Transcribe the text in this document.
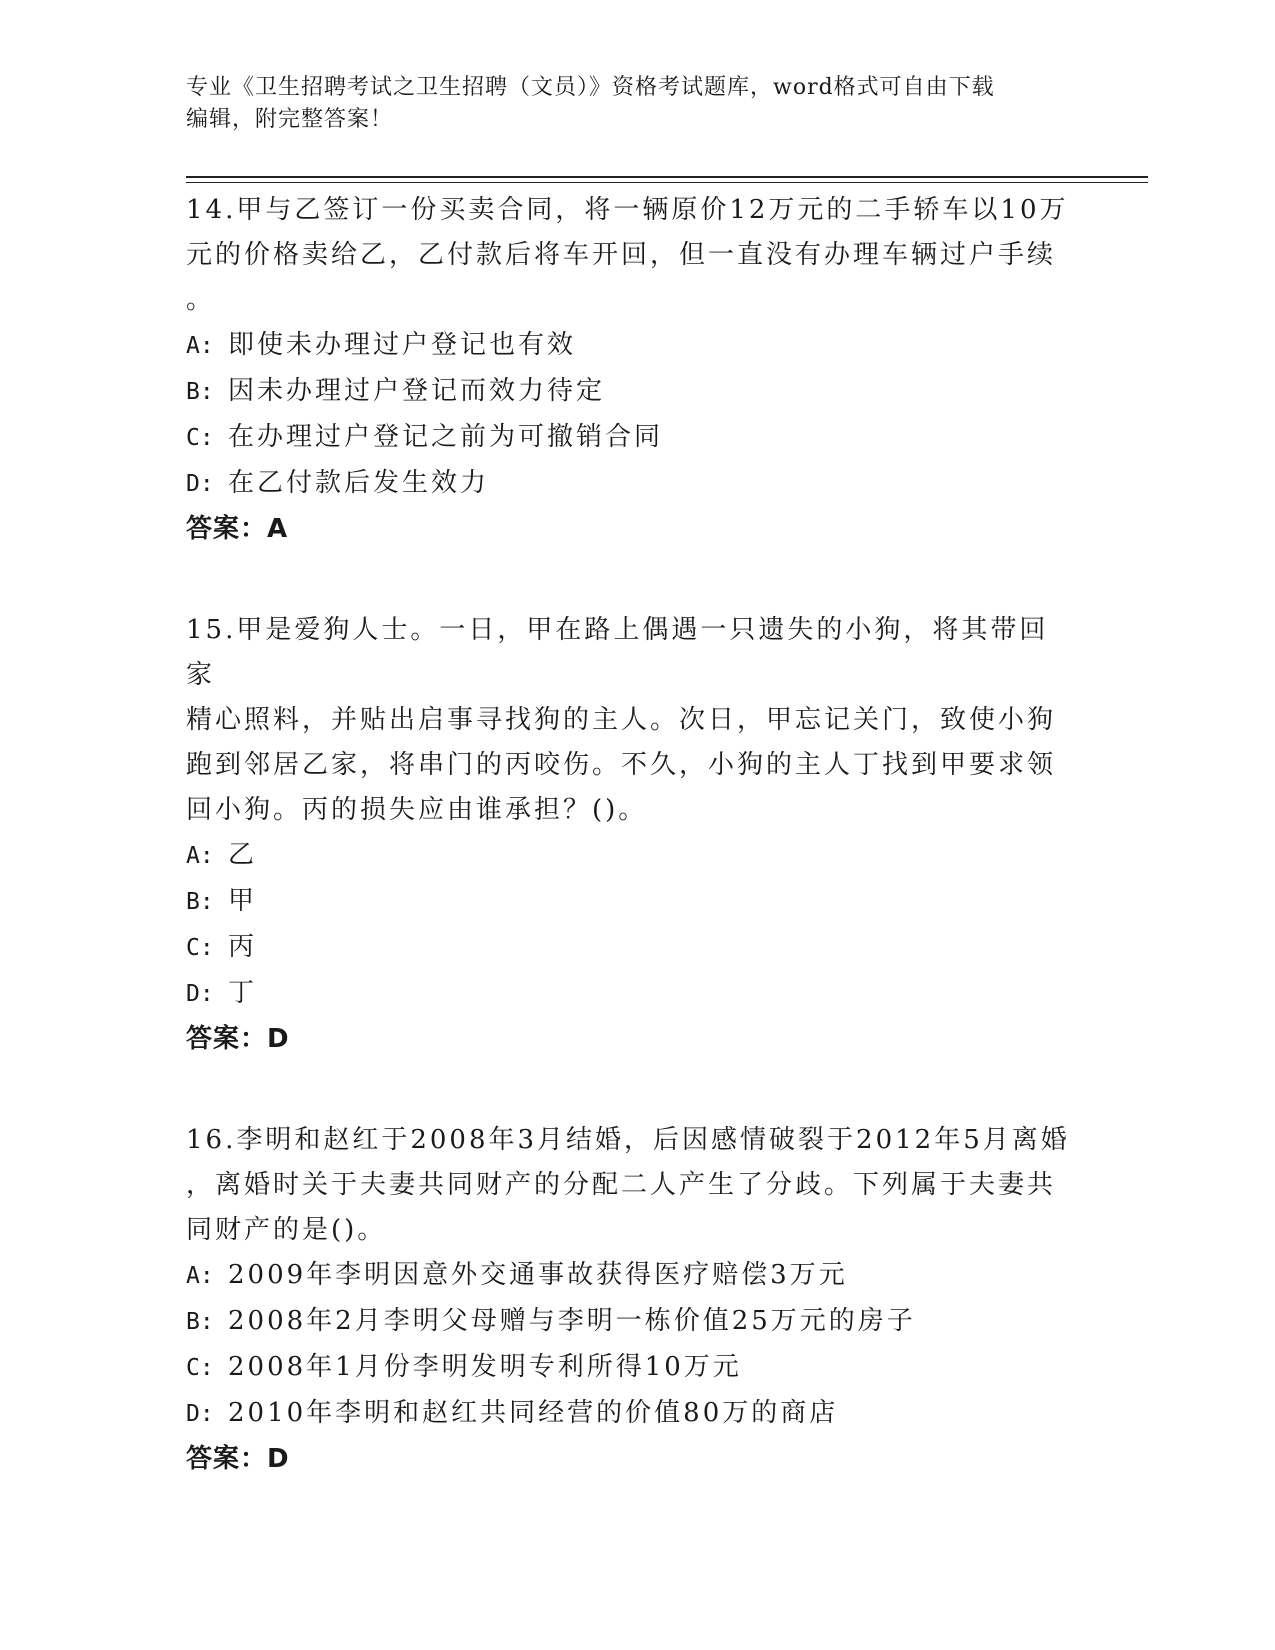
专业《卫生招聘考试之卫生招聘（文员）》资格考试题库，word格式可自由下载
编辑，附完整答案！

14.甲与乙签订一份买卖合同，将一辆原价12万元的二手轿车以10万
元的价格卖给乙，乙付款后将车开回，但一直没有办理车辆过户手续
。

A: 即使未办理过户登记也有效

B: 因未办理过户登记而效力待定

C: 在办理过户登记之前为可撤销合同

D: 在乙付款后发生效力

答案：A

15.甲是爱狗人士。一日，甲在路上偶遇一只遗失的小狗，将其带回家
精心照料，并贴出启事寻找狗的主人。次日，甲忘记关门，致使小狗
跑到邻居乙家，将串门的丙咬伤。不久，小狗的主人丁找到甲要求领
回小狗。丙的损失应由谁承担？()。

A: 乙

B: 甲

C: 丙

D: 丁

答案：D

16.李明和赵红于2008年3月结婚，后因感情破裂于2012年5月离婚
，离婚时关于夫妻共同财产的分配二人产生了分歧。下列属于夫妻共
同财产的是()。

A: 2009年李明因意外交通事故获得医疗赔偿3万元

B: 2008年2月李明父母赠与李明一栋价值25万元的房子

C: 2008年1月份李明发明专利所得10万元

D: 2010年李明和赵红共同经营的价值80万的商店

答案：D
